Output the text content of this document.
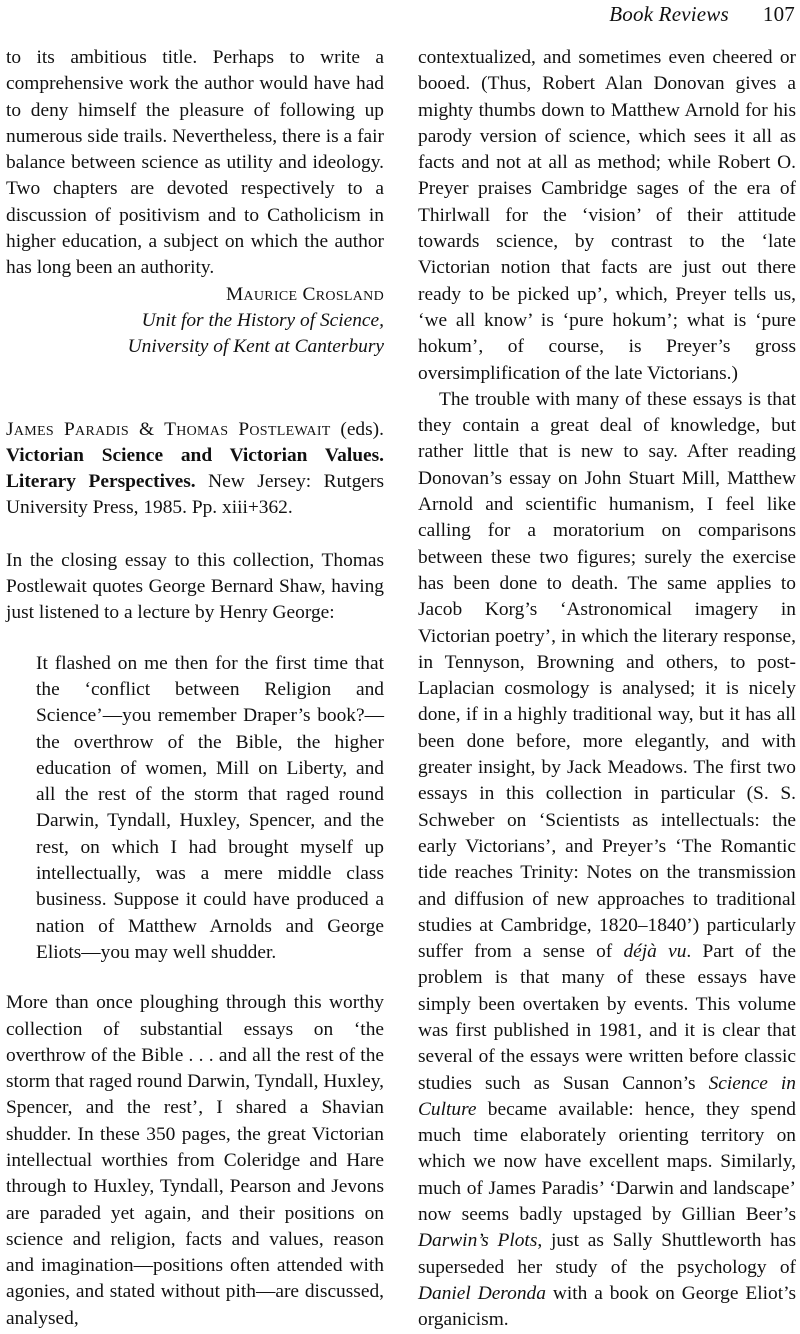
Book Reviews 107

to its ambitious title. Perhaps to write a comprehensive work the author would have had to deny himself the pleasure of following up numerous side trails. Nevertheless, there is a fair balance between science as utility and ideology. Two chapters are devoted respectively to a discussion of positivism and to Catholicism in higher education, a subject on which the author has long been an authority.

Maurice Crosland
Unit for the History of Science,
University of Kent at Canterbury
James Paradis & Thomas Postlewait (eds). Victorian Science and Victorian Values. Literary Perspectives. New Jersey: Rutgers University Press, 1985. Pp. xiii+362.

In the closing essay to this collection, Thomas Postlewait quotes George Bernard Shaw, having just listened to a lecture by Henry George:

It flashed on me then for the first time that the ‘conflict between Religion and Science’—you remember Draper’s book?—the overthrow of the Bible, the higher education of women, Mill on Liberty, and all the rest of the storm that raged round Darwin, Tyndall, Huxley, Spencer, and the rest, on which I had brought myself up intellectually, was a mere middle class business. Suppose it could have produced a nation of Matthew Arnolds and George Eliots—you may well shudder.

More than once ploughing through this worthy collection of substantial essays on ‘the overthrow of the Bible . . . and all the rest of the storm that raged round Darwin, Tyndall, Huxley, Spencer, and the rest’, I shared a Shavian shudder. In these 350 pages, the great Victorian intellectual worthies from Coleridge and Hare through to Huxley, Tyndall, Pearson and Jevons are paraded yet again, and their positions on science and religion, facts and values, reason and imagination—positions often attended with agonies, and stated without pith—are discussed, analysed,

contextualized, and sometimes even cheered or booed. (Thus, Robert Alan Donovan gives a mighty thumbs down to Matthew Arnold for his parody version of science, which sees it all as facts and not at all as method; while Robert O. Preyer praises Cambridge sages of the era of Thirlwall for the ‘vision’ of their attitude towards science, by contrast to the ‘late Victorian notion that facts are just out there ready to be picked up’, which, Preyer tells us, ‘we all know’ is ‘pure hokum’; what is ‘pure hokum’, of course, is Preyer’s gross oversimplification of the late Victorians.)

The trouble with many of these essays is that they contain a great deal of knowledge, but rather little that is new to say. After reading Donovan’s essay on John Stuart Mill, Matthew Arnold and scientific humanism, I feel like calling for a moratorium on comparisons between these two figures; surely the exercise has been done to death. The same applies to Jacob Korg’s ‘Astronomical imagery in Victorian poetry’, in which the literary response, in Tennyson, Browning and others, to post-Laplacian cosmology is analysed; it is nicely done, if in a highly traditional way, but it has all been done before, more elegantly, and with greater insight, by Jack Meadows. The first two essays in this collection in particular (S. S. Schweber on ‘Scientists as intellectuals: the early Victorians’, and Preyer’s ‘The Romantic tide reaches Trinity: Notes on the transmission and diffusion of new approaches to traditional studies at Cambridge, 1820–1840’) particularly suffer from a sense of déjà vu. Part of the problem is that many of these essays have simply been overtaken by events. This volume was first published in 1981, and it is clear that several of the essays were written before classic studies such as Susan Cannon’s Science in Culture became available: hence, they spend much time elaborately orienting territory on which we now have excellent maps. Similarly, much of James Paradis’ ‘Darwin and landscape’ now seems badly upstaged by Gillian Beer’s Darwin’s Plots, just as Sally Shuttleworth has superseded her study of the psychology of Daniel Deronda with a book on George Eliot’s organicism.
